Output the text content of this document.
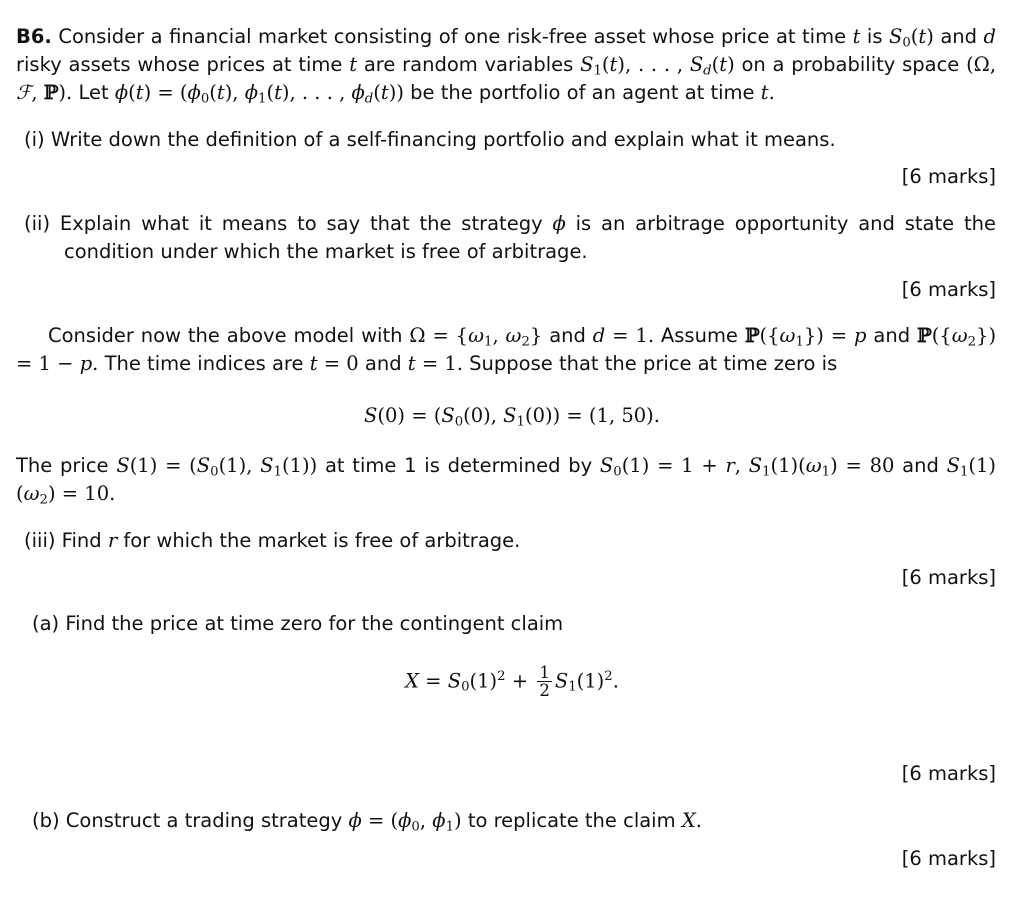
B6. Consider a financial market consisting of one risk-free asset whose price at time t is $S_0(t)$ and d risky assets whose prices at time t are random variables $S_1(t)$, . . . , $S_d(t)$ on a probability space (Ω, ℱ, ℙ). Let $\phi(t) = (\phi_0(t)$, $\phi_1(t)$, . . . , $\phi_d(t)$) be the portfolio of an agent at time t.
(i) Write down the definition of a self-financing portfolio and explain what it means.
[6 marks]
(ii) Explain what it means to say that the strategy ϕ is an arbitrage opportunity and state the condition under which the market is free of arbitrage.
[6 marks]
Consider now the above model with $\Omega = \{\omega_1$, $\omega_2$} and d = 1. Assume $ℙ(\{\omega_1\}) = p$ and $ℙ(\{\omega_2\}) = 1 - p$. The time indices are t = 0 and t = 1. Suppose that the price at time zero is
$S(0) = (S_0(0)$, $S_1(0)) = (1$, 50).
The price $S(1) = (S_0(1)$, $S_1(1)$) at time 1 is determined by $S_0(1) = 1 + r$, $S_1(1)(\omega_1) = 80$ and $S_1(1)(\omega_2) = 10$.
(iii) Find r for which the market is free of arbitrage.
[6 marks]
(a) Find the price at time zero for the contingent claim
$X = S_0(1)^2 + \frac{1}{2} S_1(1)^2$.
[6 marks]
(b) Construct a trading strategy $\phi = (\phi_0$, $\phi_1$) to replicate the claim X.
[6 marks]
